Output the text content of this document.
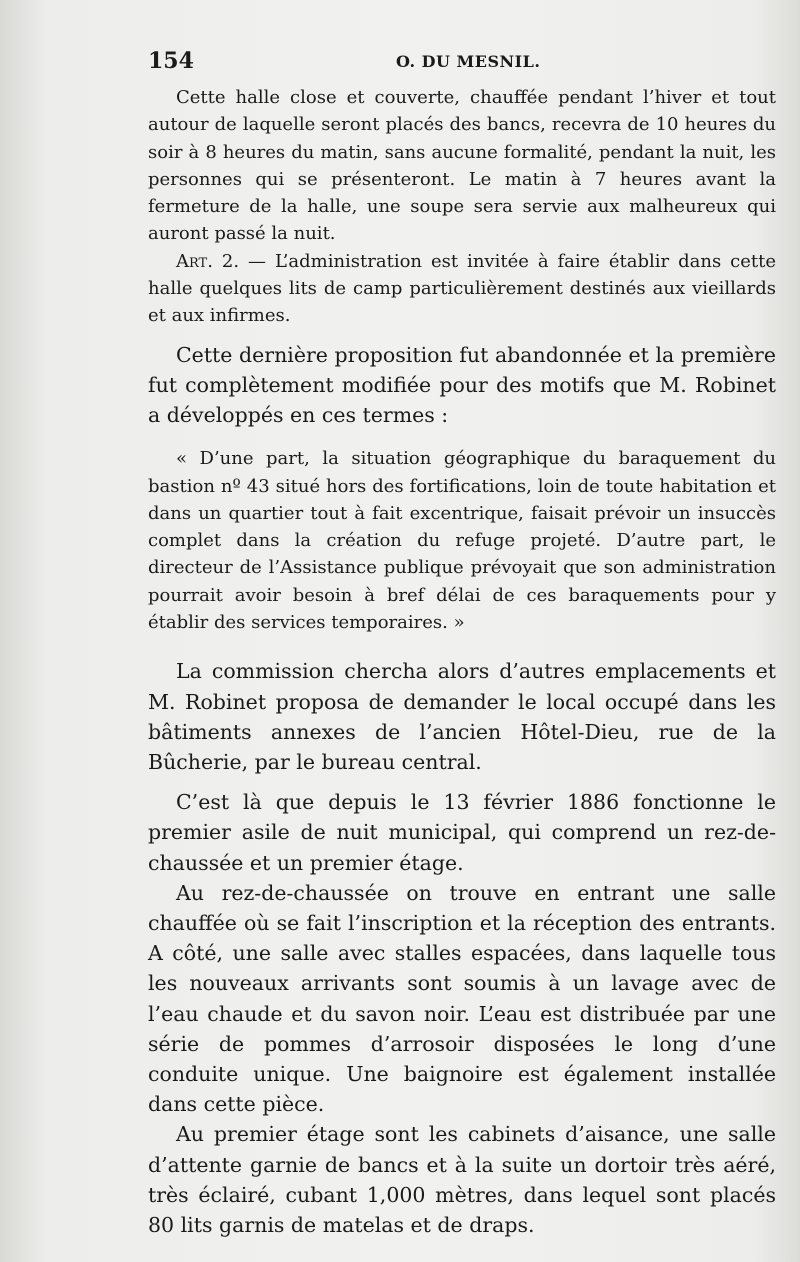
154	O. DU MESNIL.

Cette halle close et couverte, chauffée pendant l’hiver et tout autour de laquelle seront placés des bancs, recevra de 10 heures du soir à 8 heures du matin, sans aucune formalité, pendant la nuit, les personnes qui se présenteront. Le matin à 7 heures avant la fermeture de la halle, une soupe sera servie aux malheureux qui auront passé la nuit.

Art. 2. — L’administration est invitée à faire établir dans cette halle quelques lits de camp particulièrement destinés aux vieillards et aux infirmes.

Cette dernière proposition fut abandonnée et la première fut complètement modifiée pour des motifs que M. Robinet a développés en ces termes :

« D’une part, la situation géographique du baraquement du bastion nº 43 situé hors des fortifications, loin de toute habitation et dans un quartier tout à fait excentrique, faisait prévoir un insuccès complet dans la création du refuge projeté. D’autre part, le directeur de l’Assistance publique prévoyait que son administration pourrait avoir besoin à bref délai de ces baraquements pour y établir des services temporaires. »

La commission chercha alors d’autres emplacements et M. Robinet proposa de demander le local occupé dans les bâtiments annexes de l’ancien Hôtel-Dieu, rue de la Bûcherie, par le bureau central.

C’est là que depuis le 13 février 1886 fonctionne le premier asile de nuit municipal, qui comprend un rez-de-chaussée et un premier étage.

Au rez-de-chaussée on trouve en entrant une salle chauffée où se fait l’inscription et la réception des entrants. A côté, une salle avec stalles espacées, dans laquelle tous les nouveaux arrivants sont soumis à un lavage avec de l’eau chaude et du savon noir. L’eau est distribuée par une série de pommes d’arrosoir disposées le long d’une conduite unique. Une baignoire est également installée dans cette pièce.

Au premier étage sont les cabinets d’aisance, une salle d’attente garnie de bancs et à la suite un dortoir très aéré, très éclairé, cubant 1,000 mètres, dans lequel sont placés 80 lits garnis de matelas et de draps.
